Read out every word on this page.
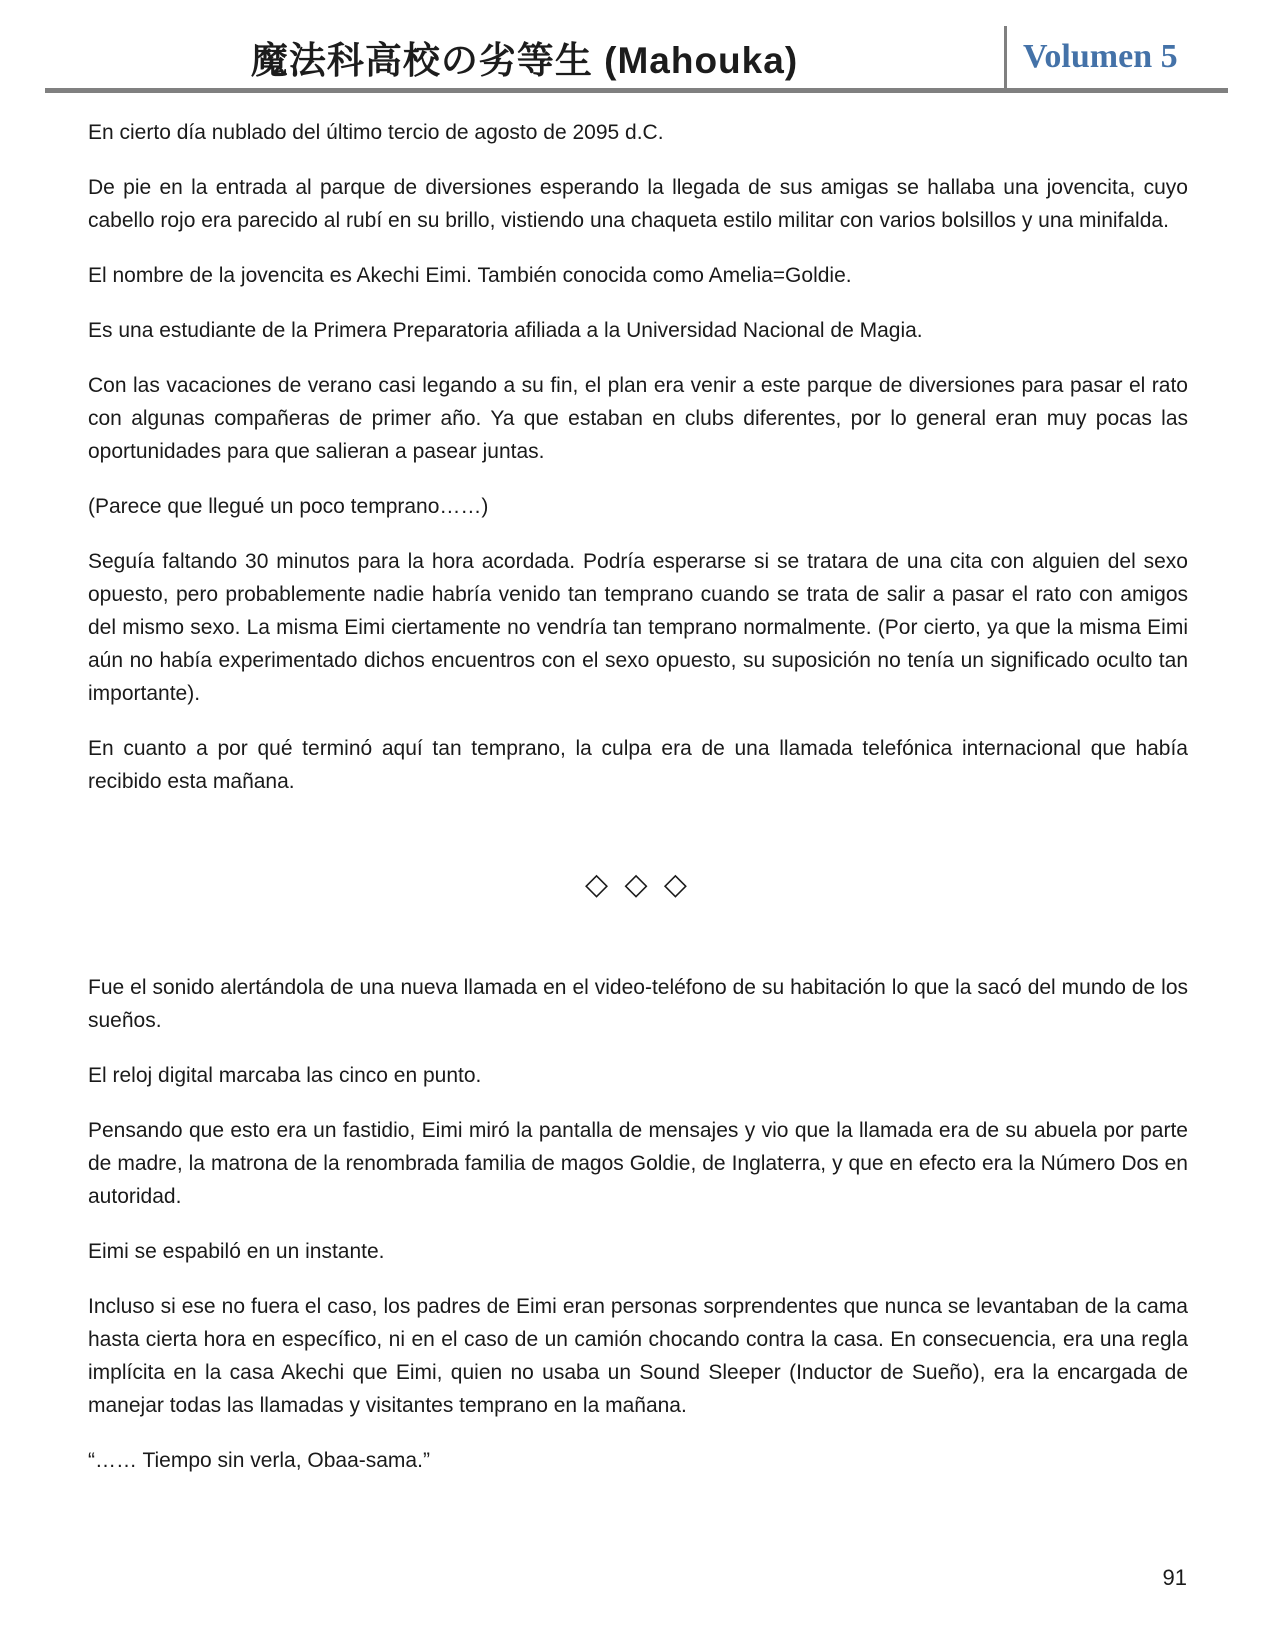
魔法科高校の劣等生 (Mahouka)	Volumen 5

En cierto día nublado del último tercio de agosto de 2095 d.C.

De pie en la entrada al parque de diversiones esperando la llegada de sus amigas se hallaba una jovencita, cuyo cabello rojo era parecido al rubí en su brillo, vistiendo una chaqueta estilo militar con varios bolsillos y una minifalda.

El nombre de la jovencita es Akechi Eimi. También conocida como Amelia=Goldie.

Es una estudiante de la Primera Preparatoria afiliada a la Universidad Nacional de Magia.

Con las vacaciones de verano casi legando a su fin, el plan era venir a este parque de diversiones para pasar el rato con algunas compañeras de primer año. Ya que estaban en clubs diferentes, por lo general eran muy pocas las oportunidades para que salieran a pasear juntas.

(Parece que llegué un poco temprano……)

Seguía faltando 30 minutos para la hora acordada. Podría esperarse si se tratara de una cita con alguien del sexo opuesto, pero probablemente nadie habría venido tan temprano cuando se trata de salir a pasar el rato con amigos del mismo sexo. La misma Eimi ciertamente no vendría tan temprano normalmente. (Por cierto, ya que la misma Eimi aún no había experimentado dichos encuentros con el sexo opuesto, su suposición no tenía un significado oculto tan importante).

En cuanto a por qué terminó aquí tan temprano, la culpa era de una llamada telefónica internacional que había recibido esta mañana.

◇ ◇ ◇

Fue el sonido alertándola de una nueva llamada en el video-teléfono de su habitación lo que la sacó del mundo de los sueños.

El reloj digital marcaba las cinco en punto.

Pensando que esto era un fastidio, Eimi miró la pantalla de mensajes y vio que la llamada era de su abuela por parte de madre, la matrona de la renombrada familia de magos Goldie, de Inglaterra, y que en efecto era la Número Dos en autoridad.

Eimi se espabiló en un instante.

Incluso si ese no fuera el caso, los padres de Eimi eran personas sorprendentes que nunca se levantaban de la cama hasta cierta hora en específico, ni en el caso de un camión chocando contra la casa. En consecuencia, era una regla implícita en la casa Akechi que Eimi, quien no usaba un Sound Sleeper (Inductor de Sueño), era la encargada de manejar todas las llamadas y visitantes temprano en la mañana.

“…… Tiempo sin verla, Obaa-sama.”

91
